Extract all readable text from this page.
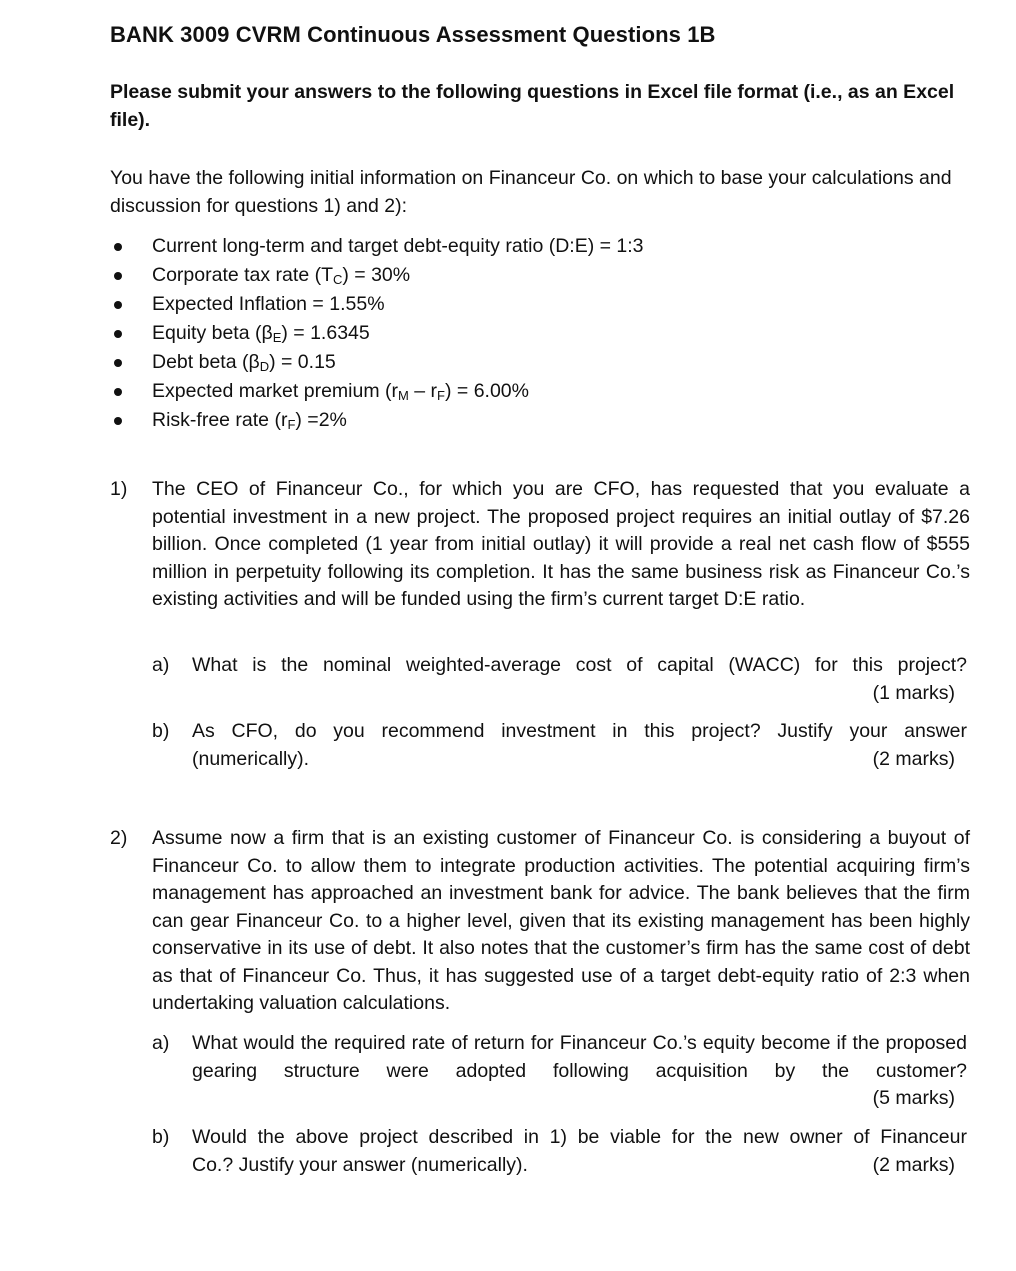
BANK 3009 CVRM Continuous Assessment Questions 1B
Please submit your answers to the following questions in Excel file format (i.e., as an Excel file).
You have the following initial information on Financeur Co. on which to base your calculations and discussion for questions 1) and 2):
Current long-term and target debt-equity ratio (D:E) = 1:3
Corporate tax rate $(T_C) = 30\%$
Expected Inflation = 1.55%
Equity beta $(\beta_E) = 1.6345$
Debt beta $(\beta_D) = 0.15$
Expected market premium $(r_M - r_F) = 6.00\%$
Risk-free rate $(r_F) =2\%$
1) The CEO of Financeur Co., for which you are CFO, has requested that you evaluate a potential investment in a new project. The proposed project requires an initial outlay of $7.26 billion. Once completed (1 year from initial outlay) it will provide a real net cash flow of $555 million in perpetuity following its completion. It has the same business risk as Financeur Co.’s existing activities and will be funded using the firm’s current target D:E ratio.
a) What is the nominal weighted-average cost of capital (WACC) for this project?
(1 marks)
b) As CFO, do you recommend investment in this project? Justify your answer
(numerically).	(2 marks)
2) Assume now a firm that is an existing customer of Financeur Co. is considering a buyout of Financeur Co. to allow them to integrate production activities. The potential acquiring firm’s management has approached an investment bank for advice. The bank believes that the firm can gear Financeur Co. to a higher level, given that its existing management has been highly conservative in its use of debt. It also notes that the customer’s firm has the same cost of debt as that of Financeur Co. Thus, it has suggested use of a target debt-equity ratio of 2:3 when undertaking valuation calculations.
a) What would the required rate of return for Financeur Co.’s equity become if the proposed gearing structure were adopted following acquisition by the customer?
(5 marks)
b) Would the above project described in 1) be viable for the new owner of Financeur
Co.? Justify your answer (numerically).	(2 marks)
